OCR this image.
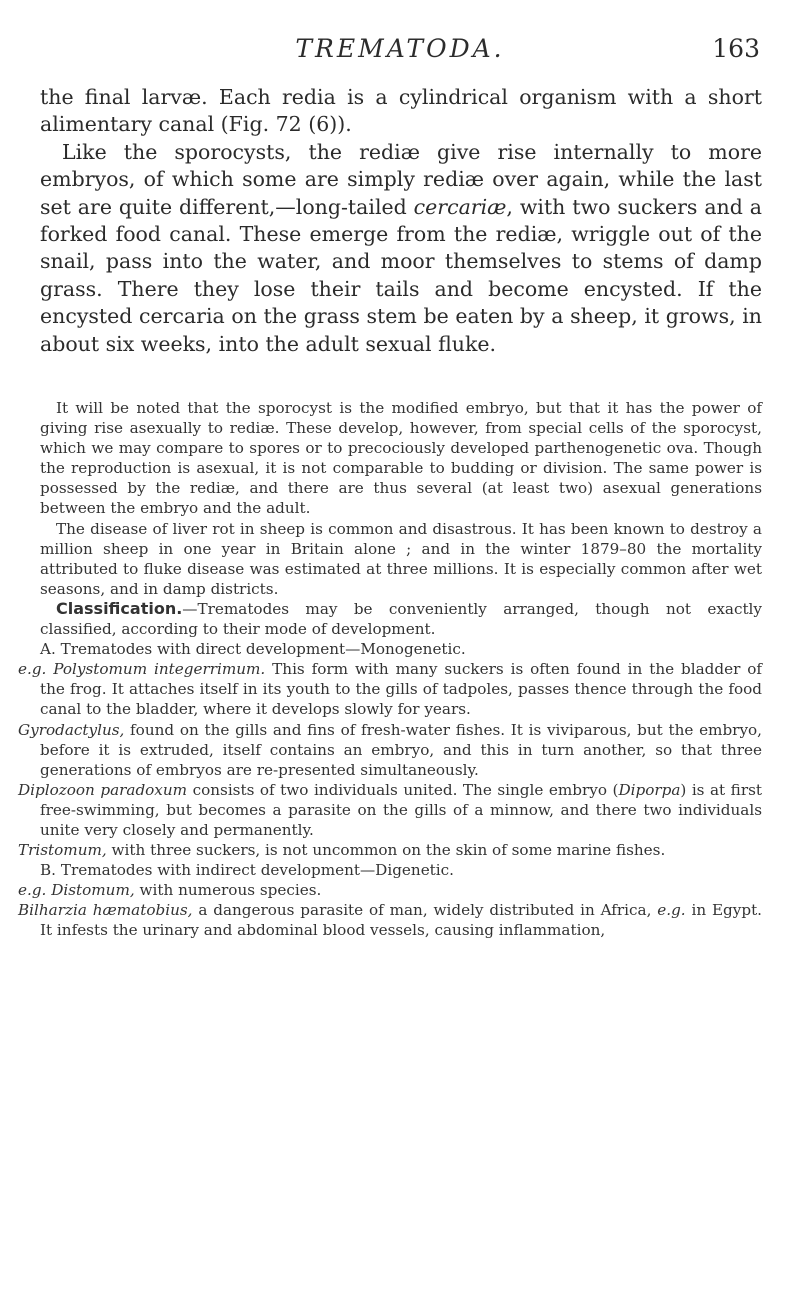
TREMATODA.	163

the final larvæ. Each redia is a cylindrical organism with a short alimentary canal (Fig. 72 (6)).

Like the sporocysts, the rediæ give rise internally to more embryos, of which some are simply rediæ over again, while the last set are quite different,—long-tailed cercariæ, with two suckers and a forked food canal. These emerge from the rediæ, wriggle out of the snail, pass into the water, and moor themselves to stems of damp grass. There they lose their tails and become encysted. If the encysted cercaria on the grass stem be eaten by a sheep, it grows, in about six weeks, into the adult sexual fluke.

It will be noted that the sporocyst is the modified embryo, but that it has the power of giving rise asexually to rediæ. These develop, however, from special cells of the sporocyst, which we may compare to spores or to precociously developed parthenogenetic ova. Though the reproduction is asexual, it is not comparable to budding or division. The same power is possessed by the rediæ, and there are thus several (at least two) asexual generations between the embryo and the adult.

The disease of liver rot in sheep is common and disastrous. It has been known to destroy a million sheep in one year in Britain alone ; and in the winter 1879–80 the mortality attributed to fluke disease was estimated at three millions. It is especially common after wet seasons, and in damp districts.

Classification.—Trematodes may be conveniently arranged, though not exactly classified, according to their mode of development.

A. Trematodes with direct development—Monogenetic.

e.g. Polystomum integerrimum. This form with many suckers is often found in the bladder of the frog. It attaches itself in its youth to the gills of tadpoles, passes thence through the food canal to the bladder, where it develops slowly for years.

Gyrodactylus, found on the gills and fins of fresh-water fishes. It is viviparous, but the embryo, before it is extruded, itself contains an embryo, and this in turn another, so that three generations of embryos are re-presented simultaneously.

Diplozoon paradoxum consists of two individuals united. The single embryo (Diporpa) is at first free-swimming, but becomes a parasite on the gills of a minnow, and there two individuals unite very closely and permanently.

Tristomum, with three suckers, is not uncommon on the skin of some marine fishes.

B. Trematodes with indirect development—Digenetic.

e.g. Distomum, with numerous species.

Bilharzia hæmatobius, a dangerous parasite of man, widely distributed in Africa, e.g. in Egypt. It infests the urinary and abdominal blood vessels, causing inflammation,
